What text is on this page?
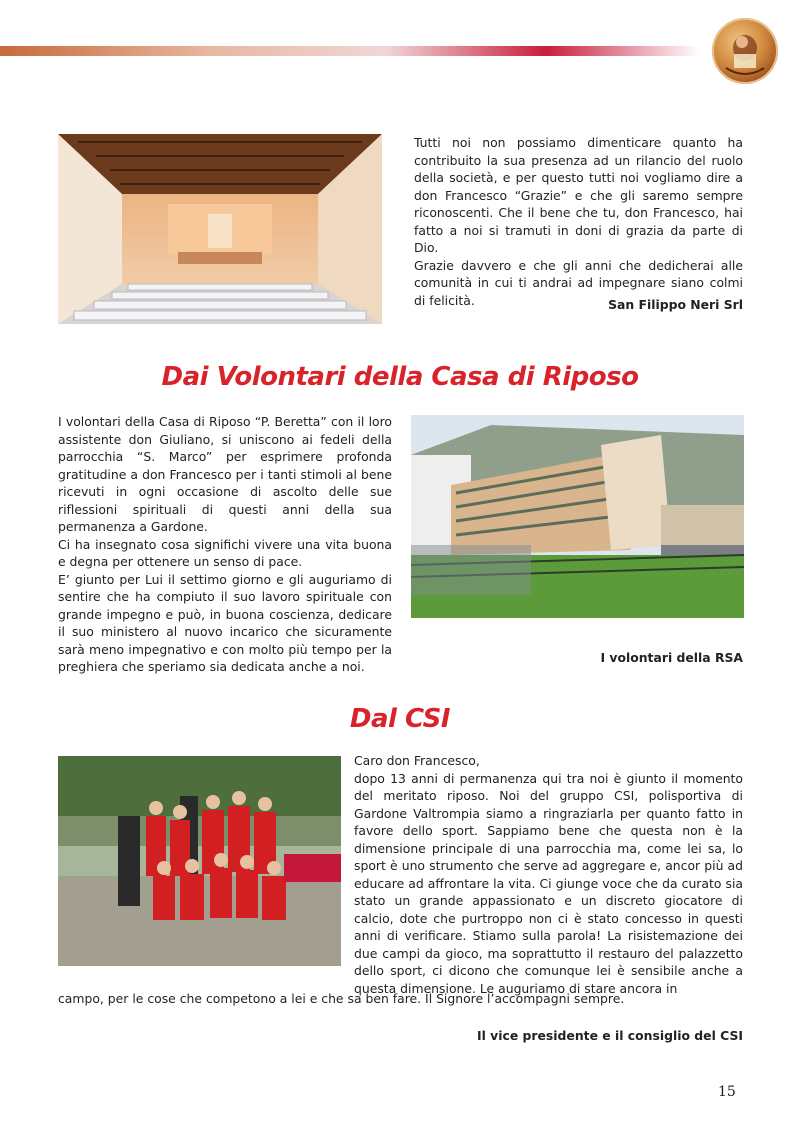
Tutti noi non possiamo dimenticare quanto ha contribuito la sua presenza ad un rilancio del ruolo della società, e per questo tutti noi vogliamo dire a don Francesco “Grazie” e che gli saremo sempre riconoscenti. Che il bene che tu, don Francesco, hai fatto a noi si tramuti in doni di grazia da parte di Dio.

Grazie davvero e che gli anni che dedicherai alle comunità in cui ti andrai ad impegnare siano colmi di felicità.	San Filippo Neri Srl
Dai Volontari della Casa di Riposo

I volontari della Casa di Riposo “P. Beretta” con il loro assistente don Giuliano, si uniscono ai fedeli della parrocchia “S. Marco” per esprimere profonda gratitudine a don Francesco per i tanti stimoli al bene ricevuti in ogni occasione di ascolto delle sue riflessioni spirituali di questi anni della sua permanenza a Gardone.

Ci ha insegnato cosa significhi vivere una vita buona e degna per ottenere un senso di pace.

E’ giunto per Lui il settimo giorno e gli auguriamo di sentire che ha compiuto il suo lavoro spirituale con grande impegno e può, in buona coscienza, dedicare il suo ministero al nuovo incarico che sicuramente sarà meno impegnativo e con molto più tempo per la preghiera che speriamo sia dedicata anche a noi.

I volontari della RSA
Dal CSI

Caro don Francesco,

dopo 13 anni di permanenza qui tra noi è giunto il momento del meritato riposo. Noi del gruppo CSI, polisportiva di Gardone Valtrompia siamo a ringraziarla per quanto fatto in favore dello sport. Sappiamo bene che questa non è la dimensione principale di una parrocchia ma, come lei sa, lo sport è uno strumento che serve ad aggregare e, ancor più ad educare ad affrontare la vita. Ci giunge voce che da curato sia stato un grande appassionato e un discreto giocatore di calcio, dote che purtroppo non ci è stato concesso in questi anni di verificare. Stiamo sulla parola! La risistemazione dei due campi da gioco, ma soprattutto il restauro del palazzetto dello sport, ci dicono che comunque lei è sensibile anche a questa dimensione. Le auguriamo di stare ancora in

campo, per le cose che competono a lei e che sa ben fare. Il Signore l’accompagni sempre.

Il vice presidente e il consiglio del CSI
15
